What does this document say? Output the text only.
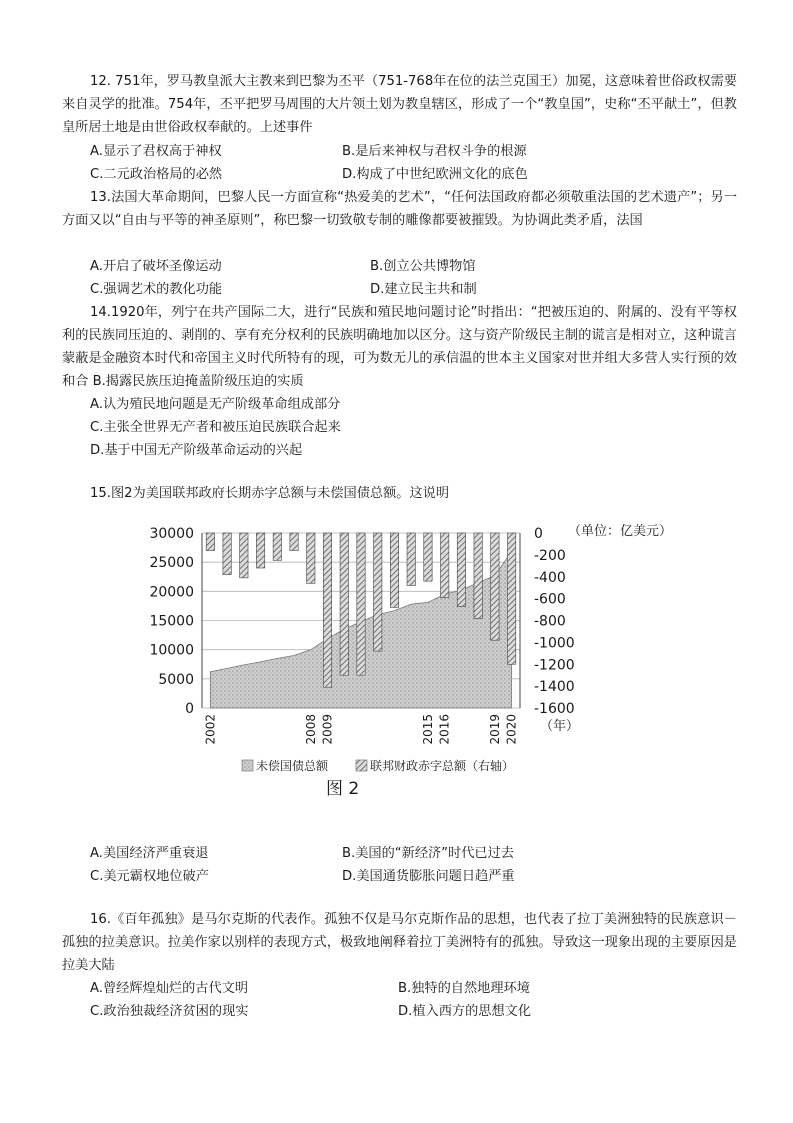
12. 751年，罗马教皇派大主教来到巴黎为丕平（751-768年在位的法兰克国王）加冕，这意味着世俗政权需要来自灵学的批准。754年，丕平把罗马周围的大片领土划为教皇辖区，形成了一个“教皇国”，史称“丕平献土”，但教皇所居土地是由世俗政权奉献的。上述事件
A.显示了君权高于神权	B.是后来神权与君权斗争的根源
C.二元政治格局的必然	D.构成了中世纪欧洲文化的底色
13.法国大革命期间，巴黎人民一方面宣称“热爱美的艺术”，“任何法国政府都必须敬重法国的艺术遗产”；另一方面又以“自由与平等的神圣原则”，称巴黎一切致敬专制的雕像都要被摧毁。为协调此类矛盾，法国
A.开启了破坏圣像运动	B.创立公共博物馆
C.强调艺术的教化功能	D.建立民主共和制
14.1920年，列宁在共产国际二大，进行“民族和殖民地问题讨论”时指出：“把被压迫的、附属的、没有平等权利的民族同压迫的、剥削的、享有充分权利的民族明确地加以区分。这与资产阶级民主制的谎言是相对立，这种谎言蒙蔽是金融资本时代和帝国主义时代所特有的现，可为数无儿的承信温的世本主义国家对世并组大多营人实行预的效和合 B.揭露民族压迫掩盖阶级压迫的实质
A.认为殖民地问题是无产阶级革命组成部分
C.主张全世界无产者和被压迫民族联合起来
D.基于中国无产阶级革命运动的兴起
15.图2为美国联邦政府长期赤字总额与未偿国债总额。这说明
30000
25000
20000
15000
10000
5000
0
0
-200
-400
-600
-800
-1000
-1200
-1400
-1600
2002	2008 2009	2015 2016	2019 2020
（单位：亿美元）
（年）
未偿国债总额	联邦财政赤字总额（右轴）
图 2
A.美国经济严重衰退	B.美国的“新经济”时代已过去
C.美元霸权地位破产	D.美国通货膨胀问题日趋严重
16.《百年孤独》是马尔克斯的代表作。孤独不仅是马尔克斯作品的思想，也代表了拉丁美洲独特的民族意识－孤独的拉美意识。拉美作家以别样的表现方式，极致地阐释着拉丁美洲特有的孤独。导致这一现象出现的主要原因是拉美大陆
A.曾经辉煌灿烂的古代文明	B.独特的自然地理环境
C.政治独裁经济贫困的现实	D.植入西方的思想文化
